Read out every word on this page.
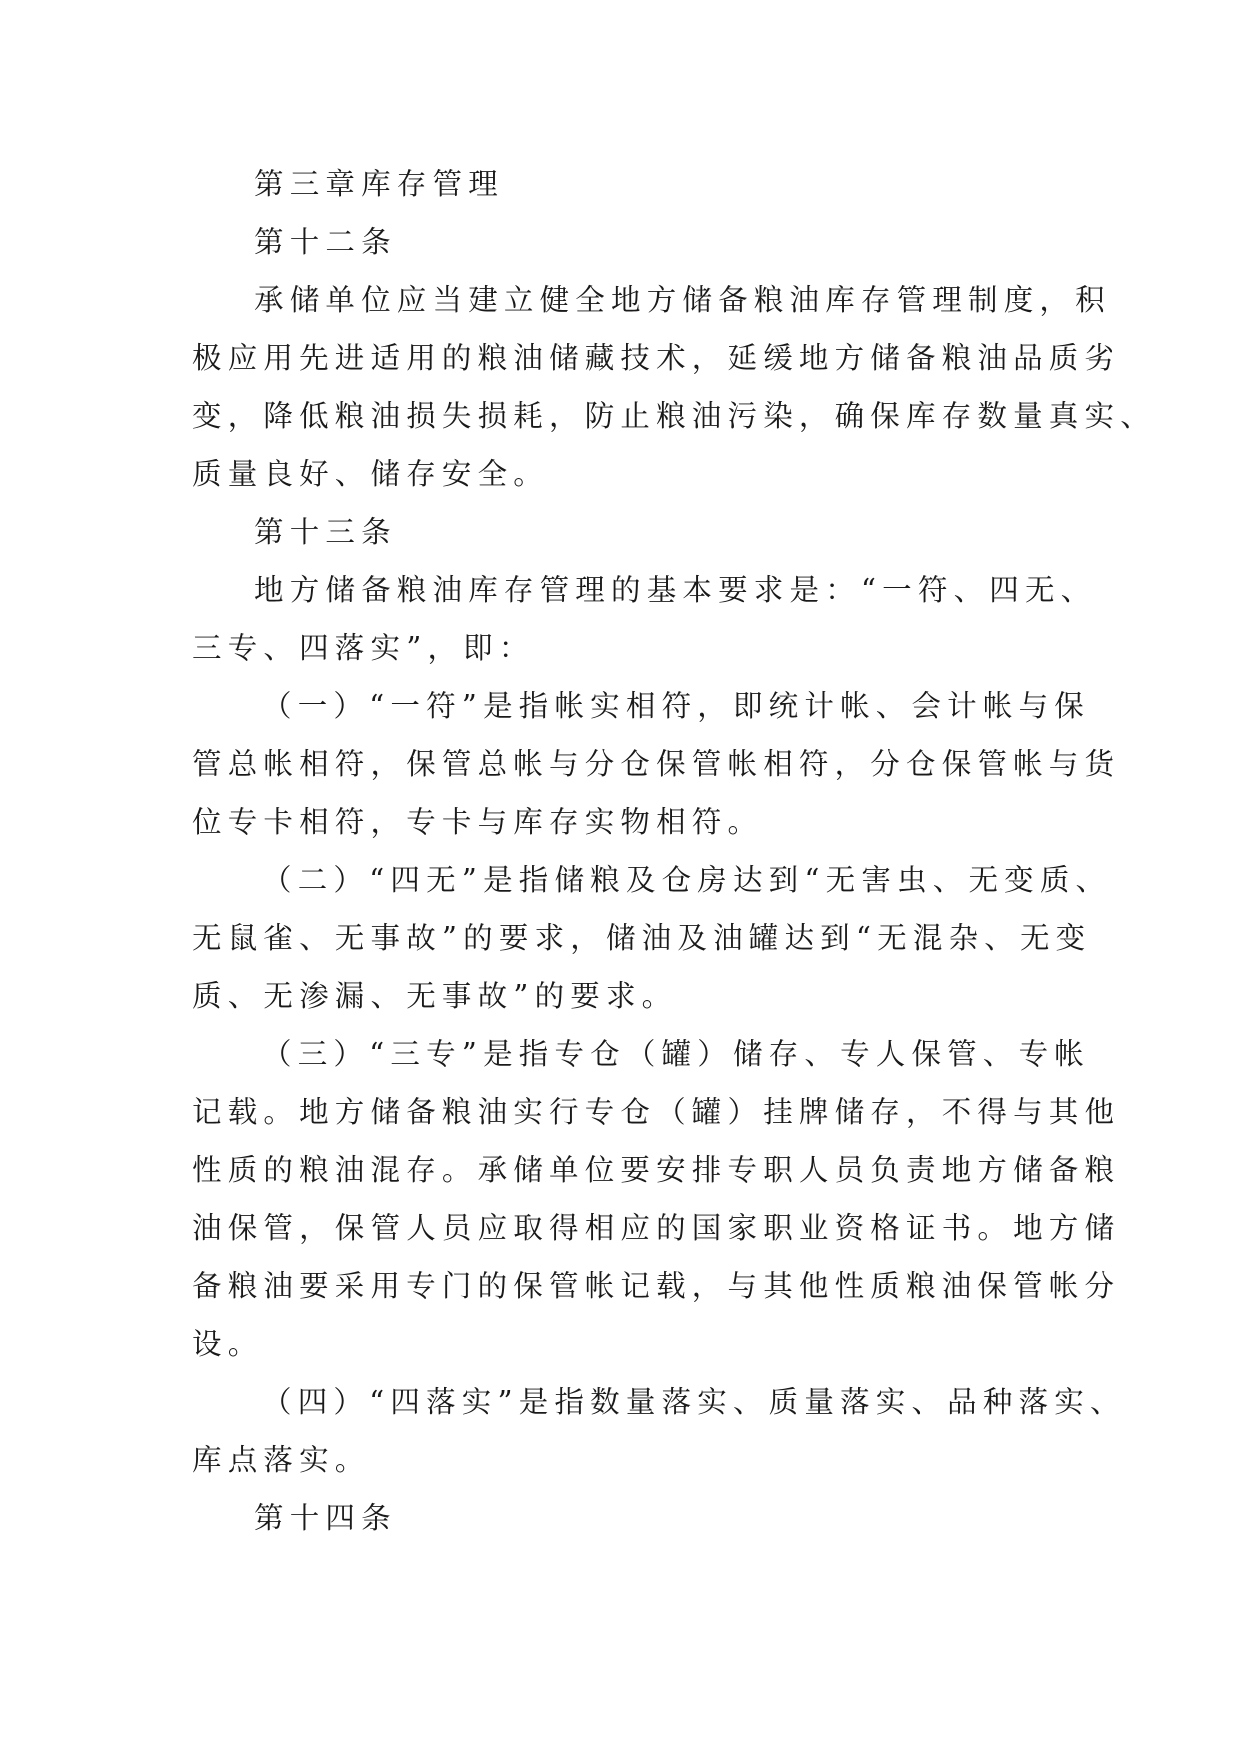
第三章库存管理
第十二条
承储单位应当建立健全地方储备粮油库存管理制度，积
极应用先进适用的粮油储藏技术，延缓地方储备粮油品质劣
变，降低粮油损失损耗，防止粮油污染，确保库存数量真实、
质量良好、储存安全。
第十三条
地方储备粮油库存管理的基本要求是：“一符、四无、
三专、四落实”，即：
（一）“一符”是指帐实相符，即统计帐、会计帐与保
管总帐相符，保管总帐与分仓保管帐相符，分仓保管帐与货
位专卡相符，专卡与库存实物相符。
（二）“四无”是指储粮及仓房达到“无害虫、无变质、
无鼠雀、无事故”的要求，储油及油罐达到“无混杂、无变
质、无渗漏、无事故”的要求。
（三）“三专”是指专仓（罐）储存、专人保管、专帐
记载。地方储备粮油实行专仓（罐）挂牌储存，不得与其他
性质的粮油混存。承储单位要安排专职人员负责地方储备粮
油保管，保管人员应取得相应的国家职业资格证书。地方储
备粮油要采用专门的保管帐记载，与其他性质粮油保管帐分
设。
（四）“四落实”是指数量落实、质量落实、品种落实、
库点落实。
第十四条
